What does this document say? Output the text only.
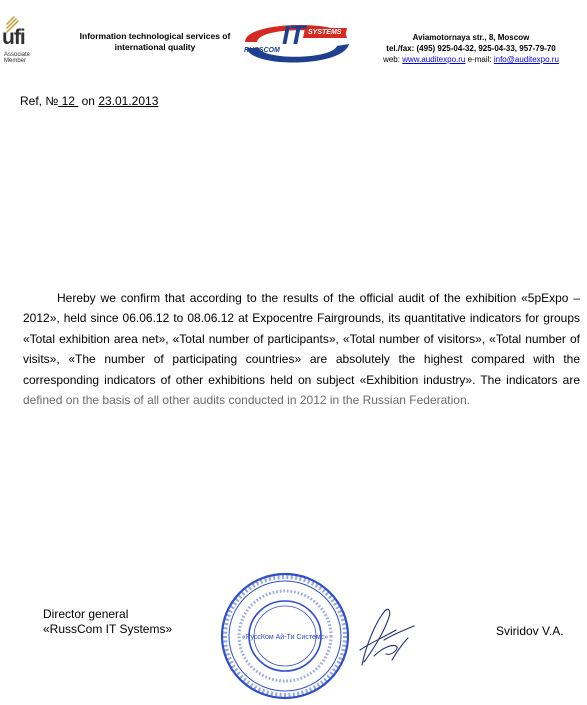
ufi
Associate Member
Information technological services of international quality	RUSSCOM
IT SYSTEMS
Aviamotornaya str., 8, Moscow
tel./fax: (495) 925-04-32, 925-04-33, 957-79-70
web: www.auditexpo.ru e-mail: info@auditexpo.ru
Ref, № 12 on 23.01.2013
Hereby we confirm that according to the results of the official audit of the exhibition «5pExpo – 2012», held since 06.06.12 to 08.06.12 at Expocentre Fairgrounds, its quantitative indicators for groups «Total exhibition area net», «Total number of participants», «Total number of visitors», «Total number of visits», «The number of participating countries» are absolutely the highest compared with the corresponding indicators of other exhibitions held on subject «Exhibition industry». The indicators are defined on the basis of all other audits conducted in 2012 in the Russian Federation.
Director general
«RussCom IT Systems»	Sviridov V.A.
«РуссКом Ай-Ти Системс»
